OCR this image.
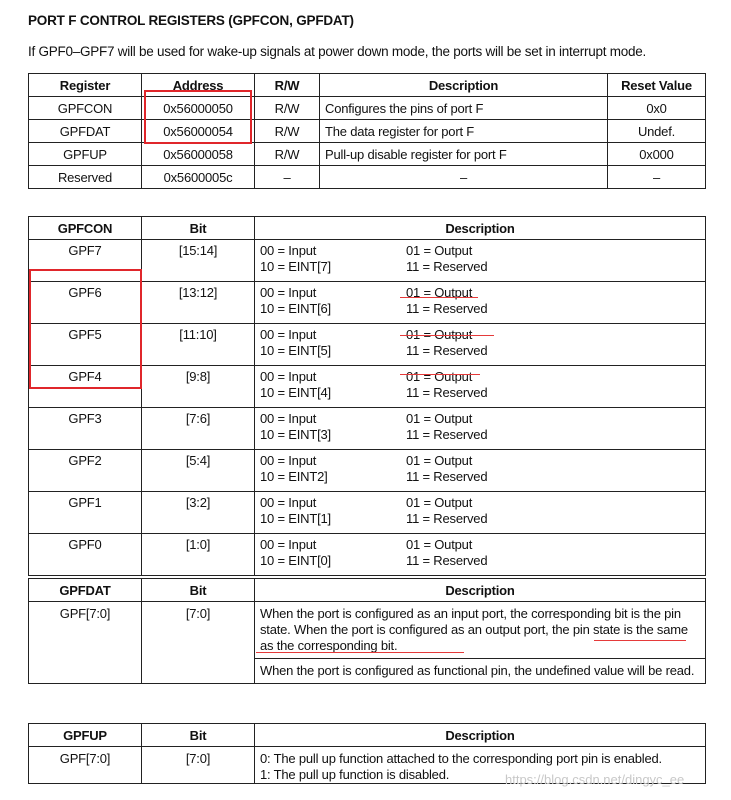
PORT F CONTROL REGISTERS (GPFCON, GPFDAT)
If GPF0–GPF7 will be used for wake-up signals at power down mode, the ports will be set in interrupt mode.
Register	Address	R/W	Description	Reset Value
GPFCON	0x56000050	R/W	Configures the pins of port F	0x0
GPFDAT	0x56000054	R/W	The data register for port F	Undef.
GPFUP	0x56000058	R/W	Pull-up disable register for port F	0x000
Reserved	0x5600005c	–	–	–
GPFCON	Bit	Description
GPF7	[15:14]	00 = Input 01 = Output
10 = EINT[7] 11 = Reserved

GPF6	[13:12]	00 = Input 01 = Output
10 = EINT[6] 11 = Reserved

GPF5	[11:10]	00 = Input 01 = Output
10 = EINT[5] 11 = Reserved

GPF4	[9:8]	00 = Input 01 = Output
10 = EINT[4] 11 = Reserved

GPF3	[7:6]	00 = Input 01 = Output
10 = EINT[3] 11 = Reserved

GPF2	[5:4]	00 = Input 01 = Output
10 = EINT2] 11 = Reserved

GPF1	[3:2]	00 = Input 01 = Output
10 = EINT[1] 11 = Reserved

GPF0	[1:0]	00 = Input 01 = Output
10 = EINT[0] 11 = Reserved
GPFDAT	Bit	Description
GPF[7:0]	[7:0]	When the port is configured as an input port, the corresponding bit is the pin state. When the port is configured as an output port, the pin state is the same as the corresponding bit.
When the port is configured as functional pin, the undefined value will be read.
GPFUP	Bit	Description
GPF[7:0]	[7:0]	0: The pull up function attached to the corresponding port pin is enabled.
1: The pull up function is disabled.	https://blog.csdn.net/dingyc_ee
